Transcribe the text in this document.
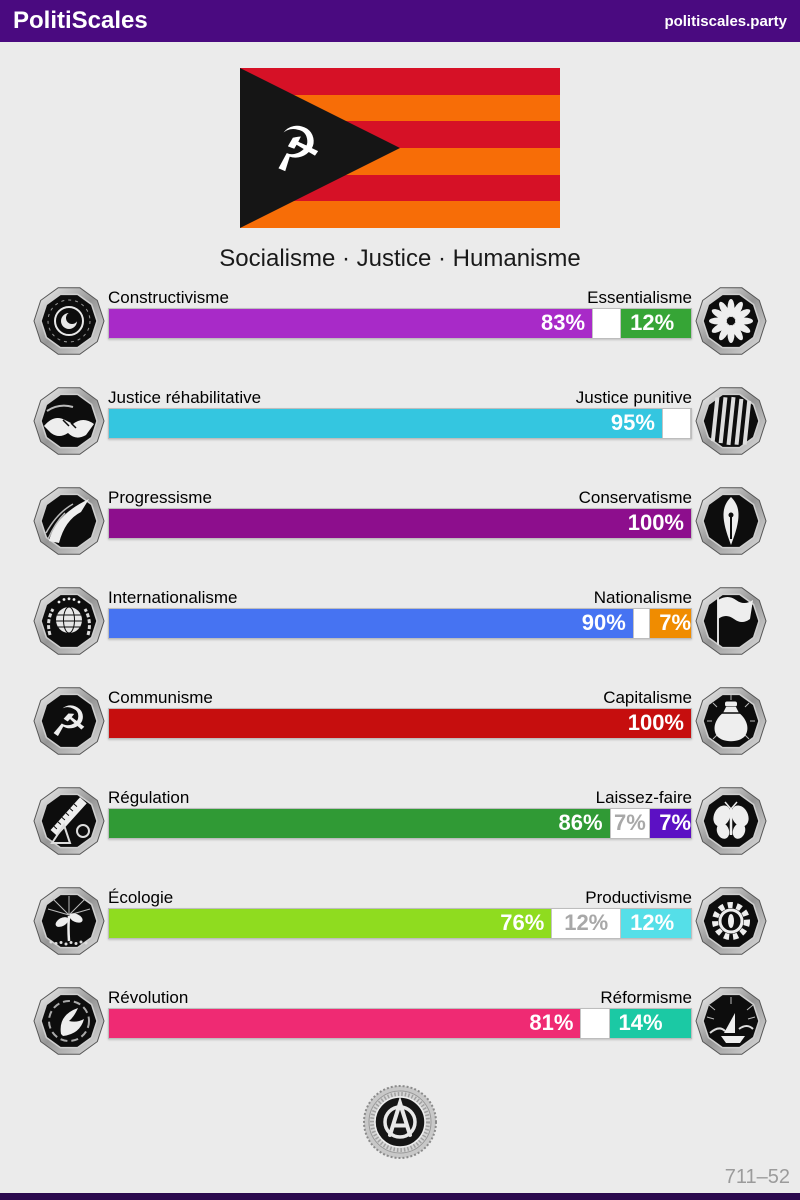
PolitiScales	politiscales.party
☭
Socialisme · Justice · Humanisme
Constructivisme	Essentialisme
83%	12%
Justice réhabilitative	Justice punitive
95%
Progressisme	Conservatisme
100%
Internationalisme	Nationalisme
90%	7%
☭
Communisme	Capitalisme
100%
Régulation	Laissez-faire
86% 7% 7%
Écologie	Productivisme
76% 12% 12%
Révolution	Réformisme
81%	14%
711–52
